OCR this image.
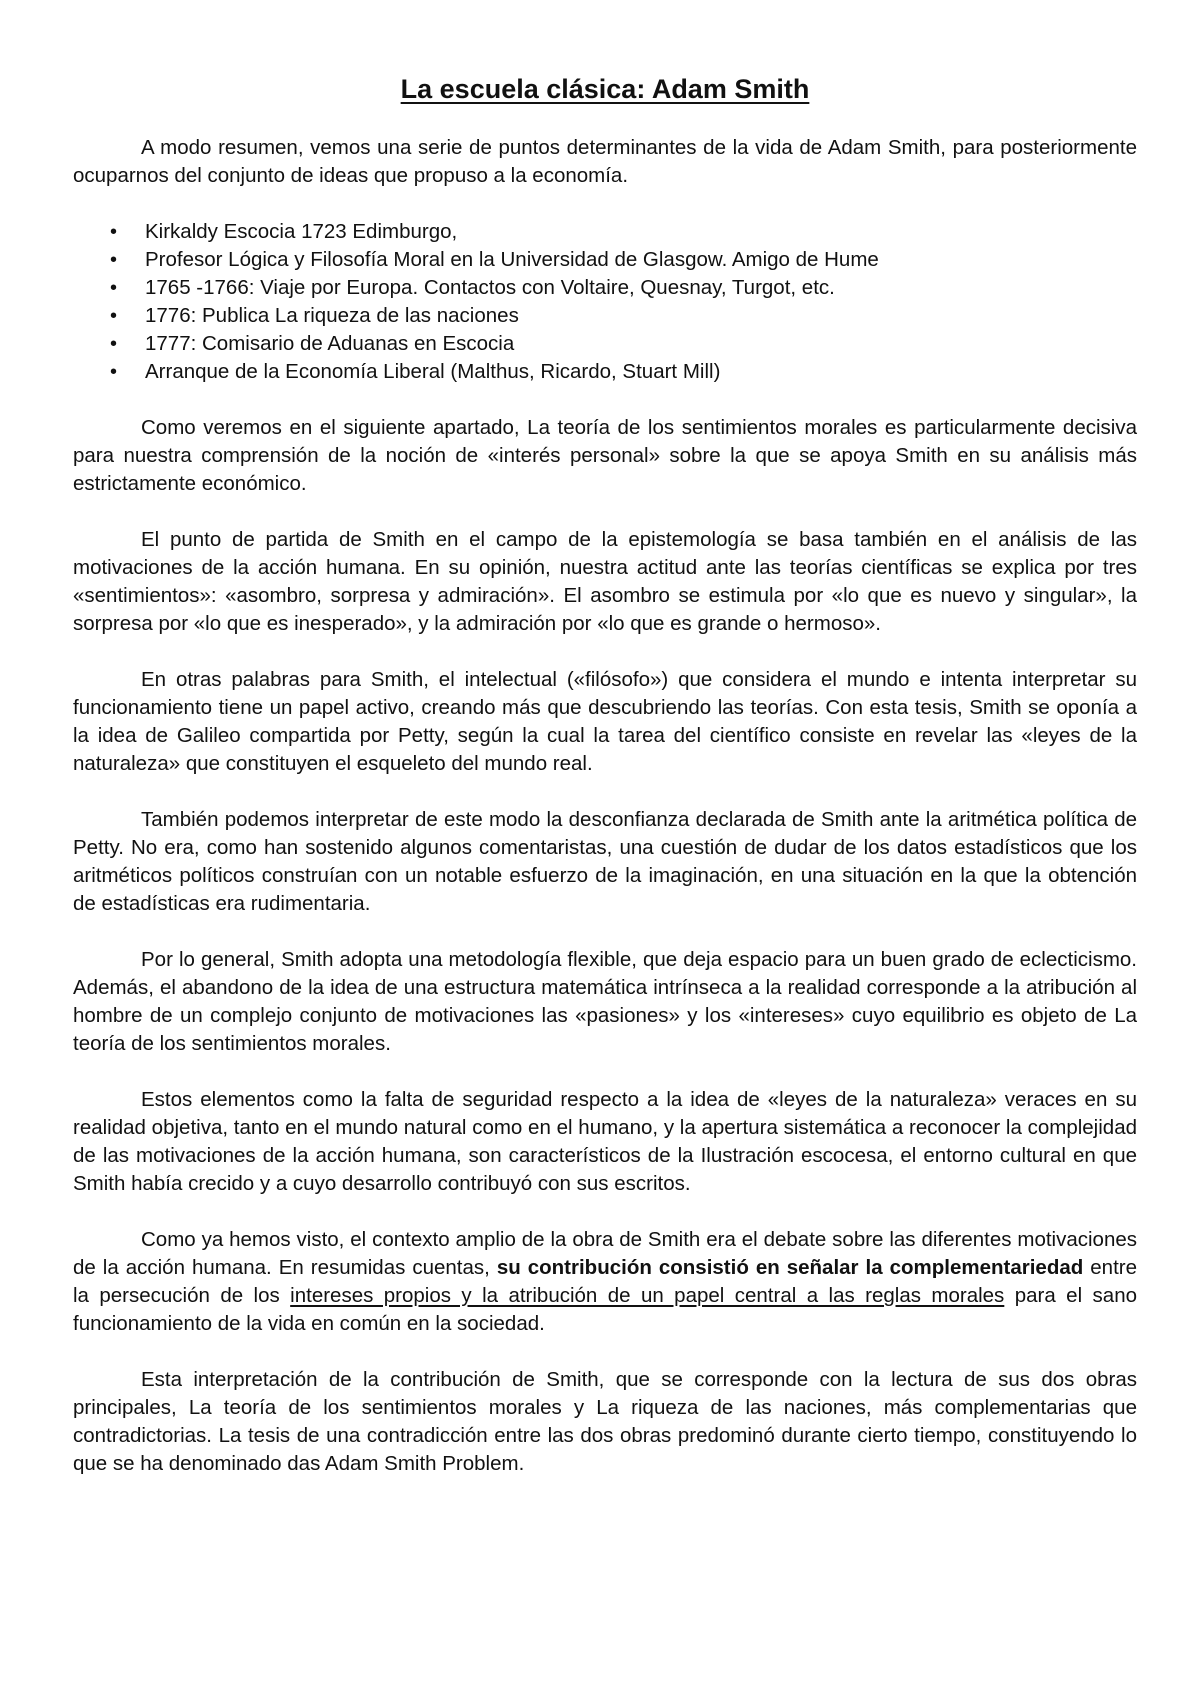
La escuela clásica: Adam Smith

A modo resumen, vemos una serie de puntos determinantes de la vida de Adam Smith, para posteriormente ocuparnos del conjunto de ideas que propuso a la economía.

• Kirkaldy Escocia 1723 Edimburgo,
• Profesor Lógica y Filosofía Moral en la Universidad de Glasgow. Amigo de Hume
• 1765 -1766: Viaje por Europa. Contactos con Voltaire, Quesnay, Turgot, etc.
• 1776: Publica La riqueza de las naciones
• 1777: Comisario de Aduanas en Escocia
• Arranque de la Economía Liberal (Malthus, Ricardo, Stuart Mill)

Como veremos en el siguiente apartado, La teoría de los sentimientos morales es particularmente decisiva para nuestra comprensión de la noción de «interés personal» sobre la que se apoya Smith en su análisis más estrictamente económico.

El punto de partida de Smith en el campo de la epistemología se basa también en el análisis de las motivaciones de la acción humana. En su opinión, nuestra actitud ante las teorías científicas se explica por tres «sentimientos»: «asombro, sorpresa y admiración». El asombro se estimula por «lo que es nuevo y singular», la sorpresa por «lo que es inesperado», y la admiración por «lo que es grande o hermoso».

En otras palabras para Smith, el intelectual («filósofo») que considera el mundo e intenta interpretar su funcionamiento tiene un papel activo, creando más que descubriendo las teorías. Con esta tesis, Smith se oponía a la idea de Galileo compartida por Petty, según la cual la tarea del científico consiste en revelar las «leyes de la naturaleza» que constituyen el esqueleto del mundo real.

También podemos interpretar de este modo la desconfianza declarada de Smith ante la aritmética política de Petty. No era, como han sostenido algunos comentaristas, una cuestión de dudar de los datos estadísticos que los aritméticos políticos construían con un notable esfuerzo de la imaginación, en una situación en la que la obtención de estadísticas era rudimentaria.

Por lo general, Smith adopta una metodología flexible, que deja espacio para un buen grado de eclecticismo. Además, el abandono de la idea de una estructura matemática intrínseca a la realidad corresponde a la atribución al hombre de un complejo conjunto de motivaciones las «pasiones» y los «intereses» cuyo equilibrio es objeto de La teoría de los sentimientos morales.

Estos elementos como la falta de seguridad respecto a la idea de «leyes de la naturaleza» veraces en su realidad objetiva, tanto en el mundo natural como en el humano, y la apertura sistemática a reconocer la complejidad de las motivaciones de la acción humana, son característicos de la Ilustración escocesa, el entorno cultural en que Smith había crecido y a cuyo desarrollo contribuyó con sus escritos.

Como ya hemos visto, el contexto amplio de la obra de Smith era el debate sobre las diferentes motivaciones de la acción humana. En resumidas cuentas, su contribución consistió en señalar la complementariedad entre la persecución de los intereses propios y la atribución de un papel central a las reglas morales para el sano funcionamiento de la vida en común en la sociedad.

Esta interpretación de la contribución de Smith, que se corresponde con la lectura de sus dos obras principales, La teoría de los sentimientos morales y La riqueza de las naciones, más complementarias que contradictorias. La tesis de una contradicción entre las dos obras predominó durante cierto tiempo, constituyendo lo que se ha denominado das Adam Smith Problem.
